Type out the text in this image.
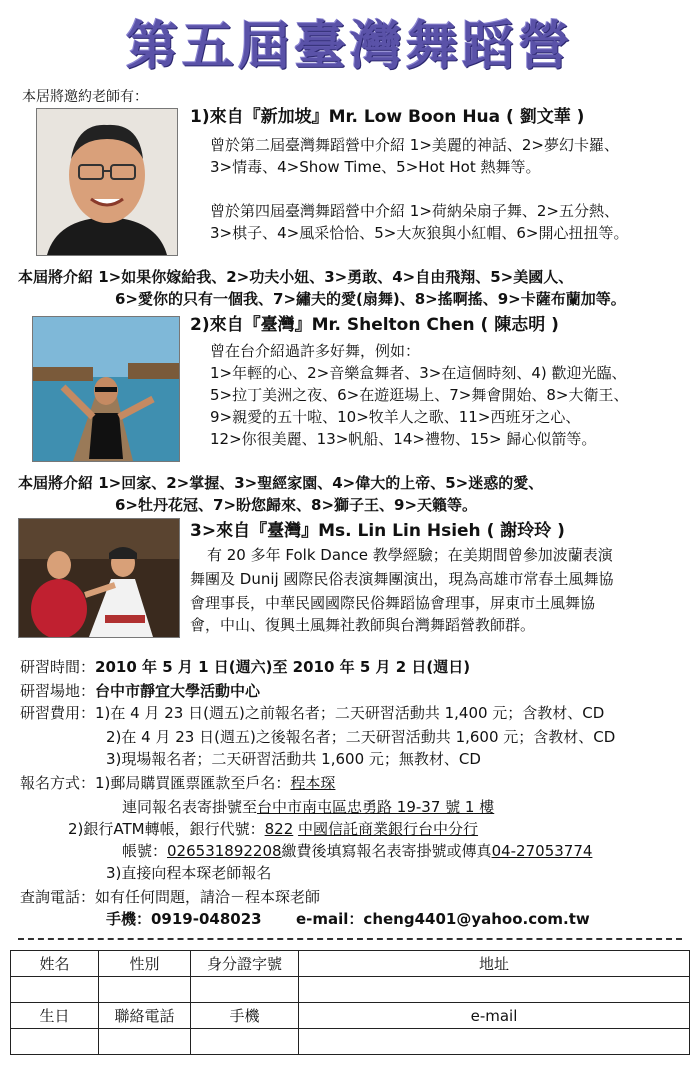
第五屆臺灣舞蹈營
本居將邀約老師有：
1)來自『新加坡』Mr. Low Boon Hua ( 劉文華 )
曾於第二屆臺灣舞蹈營中介紹 1>美麗的神話、2>夢幻卡羅、
3>情毒、4>Show Time、5>Hot Hot 熱舞等。
曾於第四屆臺灣舞蹈營中介紹 1>荷納朵扇子舞、2>五分熱、
3>棋子、4>風采恰恰、5>大灰狼與小紅帽、6>開心扭扭等。
本屆將介紹 1>如果你嫁給我、2>功夫小妞、3>勇敢、4>自由飛翔、5>美國人、
6>愛你的只有一個我、7>繡夫的愛(扇舞)、8>搖啊搖、9>卡薩布蘭加等。
2)來自『臺灣』Mr. Shelton Chen ( 陳志明 )
曾在台介紹過許多好舞，例如：
1>年輕的心、2>音樂盒舞者、3>在這個時刻、4) 歡迎光臨、
5>拉丁美洲之夜、6>在遊逛場上、7>舞會開始、8>大衛王、
9>親愛的五十啦、10>牧羊人之歌、11>西班牙之心、
12>你很美麗、13>帆船、14>禮物、15> 歸心似箭等。
本屆將介紹 1>回家、2>掌握、3>聖經家園、4>偉大的上帝、5>迷惑的愛、
6>牡丹花冠、7>盼您歸來、8>獅子王、9>天籟等。
3>來自『臺灣』Ms. Lin Lin Hsieh ( 謝玲玲 )
有 20 多年 Folk Dance 教學經驗；在美期間曾參加波蘭表演
舞團及 Dunij 國際民俗表演舞團演出，現為高雄市常春土風舞協
會理事長，中華民國國際民俗舞蹈協會理事，屏東市土風舞協
會，中山、復興土風舞社教師與台灣舞蹈營教師群。
研習時間：2010 年 5 月 1 日(週六)至 2010 年 5 月 2 日(週日)
研習場地：台中市靜宜大學活動中心
研習費用：1)在 4 月 23 日(週五)之前報名者；二天研習活動共 1,400 元；含教材、CD
2)在 4 月 23 日(週五)之後報名者；二天研習活動共 1,600 元；含教材、CD
3)現場報名者；二天研習活動共 1,600 元；無教材、CD
報名方式：1)郵局購買匯票匯款至戶名：程本琛
連同報名表寄掛號至台中市南屯區忠勇路 19-37 號 1 樓
2)銀行ATM轉帳，銀行代號：822 中國信託商業銀行台中分行
帳號：026531892208繳費後填寫報名表寄掛號或傳真04-27053774
3)直接向程本琛老師報名
查詢電話：如有任何問題，請洽－程本琛老師
手機：0919-048023 e-mail：cheng4401@yahoo.com.tw
姓名	性別	身分證字號	地址

生日	聯絡電話	手機	e-mail
